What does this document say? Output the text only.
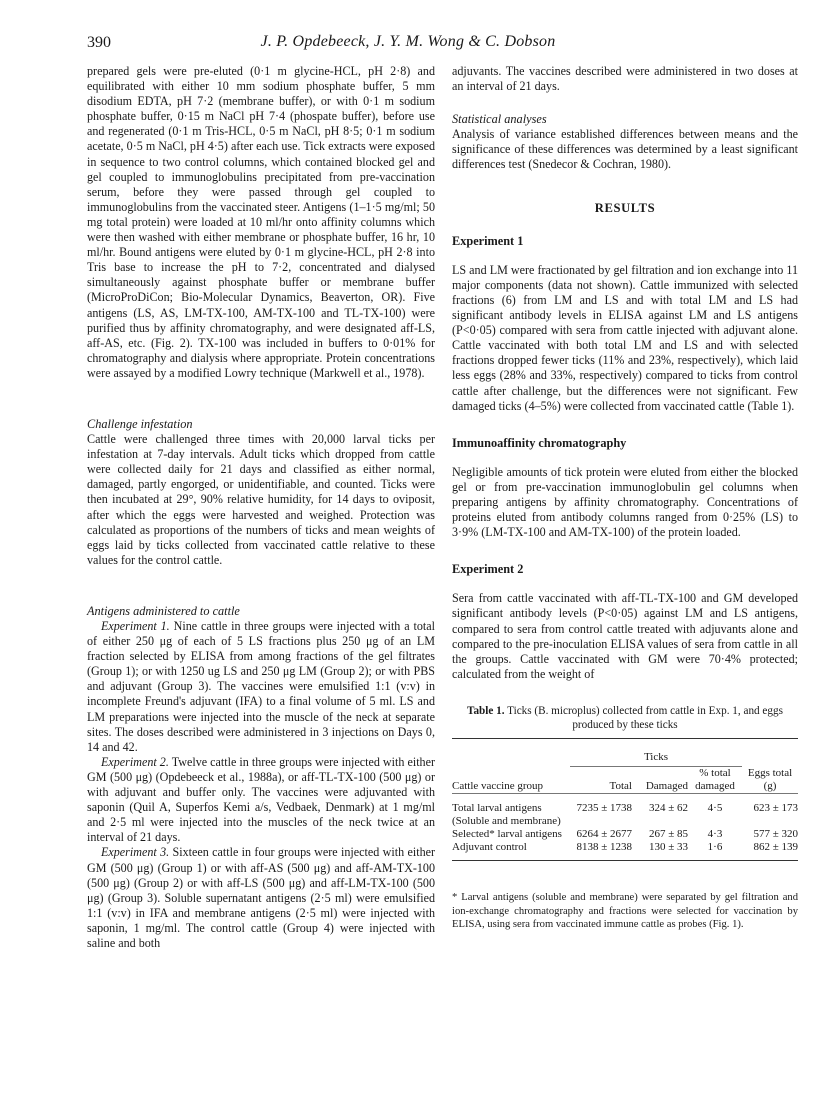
390	J. P. Opdebeeck, J. Y. M. Wong & C. Dobson

prepared gels were pre-eluted (0·1 m glycine-HCL, pH 2·8) and equilibrated with either 10 mm sodium phosphate buffer, 5 mm disodium EDTA, pH 7·2 (membrane buffer), or with 0·1 m sodium phosphate buffer, 0·15 m NaCl pH 7·4 (phospate buffer), before use and regenerated (0·1 m Tris-HCL, 0·5 m NaCl, pH 8·5; 0·1 m sodium acetate, 0·5 m NaCl, pH 4·5) after each use. Tick extracts were exposed in sequence to two control columns, which contained blocked gel and gel coupled to immunoglobulins precipitated from pre-vaccination serum, before they were passed through gel coupled to immunoglobulins from the vaccinated steer. Antigens (1–1·5 mg/ml; 50 mg total protein) were loaded at 10 ml/hr onto affinity columns which were then washed with either membrane or phosphate buffer, 16 hr, 10 ml/hr. Bound antigens were eluted by 0·1 m glycine-HCL, pH 2·8 into Tris base to increase the pH to 7·2, concentrated and dialysed simultaneously against phosphate buffer or membrane buffer (MicroProDiCon; Bio-Molecular Dynamics, Beaverton, OR). Five antigens (LS, AS, LM-TX-100, AM-TX-100 and TL-TX-100) were purified thus by affinity chromatography, and were designated aff-LS, aff-AS, etc. (Fig. 2). TX-100 was included in buffers to 0·01% for chromatography and dialysis where appropriate. Protein concentrations were assayed by a modified Lowry technique (Markwell et al., 1978).

Challenge infestation

Cattle were challenged three times with 20,000 larval ticks per infestation at 7-day intervals. Adult ticks which dropped from cattle were collected daily for 21 days and classified as either normal, damaged, partly engorged, or unidentifiable, and counted. Ticks were then incubated at 29°, 90% relative humidity, for 14 days to oviposit, after which the eggs were harvested and weighed. Protection was calculated as proportions of the numbers of ticks and mean weights of eggs laid by ticks collected from vaccinated cattle relative to these values for the control cattle.

Antigens administered to cattle

Experiment 1. Nine cattle in three groups were injected with a total of either 250 μg of each of 5 LS fractions plus 250 μg of an LM fraction selected by ELISA from among fractions of the gel filtrates (Group 1); or with 1250 ug LS and 250 μg LM (Group 2); or with PBS and adjuvant (Group 3). The vaccines were emulsified 1:1 (v:v) in incomplete Freund's adjuvant (IFA) to a final volume of 5 ml. LS and LM preparations were injected into the muscle of the neck at separate sites. The doses described were administered in 3 injections on Days 0, 14 and 42.

Experiment 2. Twelve cattle in three groups were injected with either GM (500 μg) (Opdebeeck et al., 1988a), or aff-TL-TX-100 (500 μg) or with adjuvant and buffer only. The vaccines were adjuvanted with saponin (Quil A, Superfos Kemi a/s, Vedbaek, Denmark) at 1 mg/ml and 2·5 ml were injected into the muscles of the neck twice at an interval of 21 days.

Experiment 3. Sixteen cattle in four groups were injected with either GM (500 μg) (Group 1) or with aff-AS (500 μg) and aff-AM-TX-100 (500 μg) (Group 2) or with aff-LS (500 μg) and aff-LM-TX-100 (500 μg) (Group 3). Soluble supernatant antigens (2·5 ml) were emulsified 1:1 (v:v) in IFA and membrane antigens (2·5 ml) were injected with saponin, 1 mg/ml. The control cattle (Group 4) were injected with saline and both

adjuvants. The vaccines described were administered in two doses at an interval of 21 days.

Statistical analyses

Analysis of variance established differences between means and the significance of these differences was determined by a least significant differences test (Snedecor & Cochran, 1980).

RESULTS

Experiment 1

LS and LM were fractionated by gel filtration and ion exchange into 11 major components (data not shown). Cattle immunized with selected fractions (6) from LM and LS and with total LM and LS had significant antibody levels in ELISA against LM and LS antigens (P<0·05) compared with sera from cattle injected with adjuvant alone. Cattle vaccinated with both total LM and LS and with selected fractions dropped fewer ticks (11% and 23%, respectively), which laid less eggs (28% and 33%, respectively) compared to ticks from control cattle after challenge, but the differences were not significant. Few damaged ticks (4–5%) were collected from vaccinated cattle (Table 1).

Immunoaffinity chromatography

Negligible amounts of tick protein were eluted from either the blocked gel or from pre-vaccination immunoglobulin gel columns when preparing antigens by affinity chromatography. Concentrations of proteins eluted from antibody columns ranged from 0·25% (LS) to 3·9% (LM-TX-100 and AM-TX-100) of the protein loaded.

Experiment 2

Sera from cattle vaccinated with aff-TL-TX-100 and GM developed significant antibody levels (P<0·05) against LM and LS antigens, compared to sera from control cattle treated with adjuvants alone and compared to the pre-inoculation ELISA values of sera from cattle in all the groups. Cattle vaccinated with GM were 70·4% protected; calculated from the weight of

Table 1. Ticks (B. microplus) collected from cattle in Exp. 1, and eggs produced by these ticks

	Ticks			Eggs total (g)
Cattle vaccine group	Total	Damaged	% total damaged	

Total larval antigens	7235 ± 1738	324 ± 62	4·5	623 ± 173
(Soluble and membrane)				
Selected* larval antigens	6264 ± 2677	267 ± 85	4·3	577 ± 320
Adjuvant control	8138 ± 1238	130 ± 33	1·6	862 ± 139

* Larval antigens (soluble and membrane) were separated by gel filtration and ion-exchange chromatography and fractions were selected for vaccination by ELISA, using sera from vaccinated immune cattle as probes (Fig. 1).
